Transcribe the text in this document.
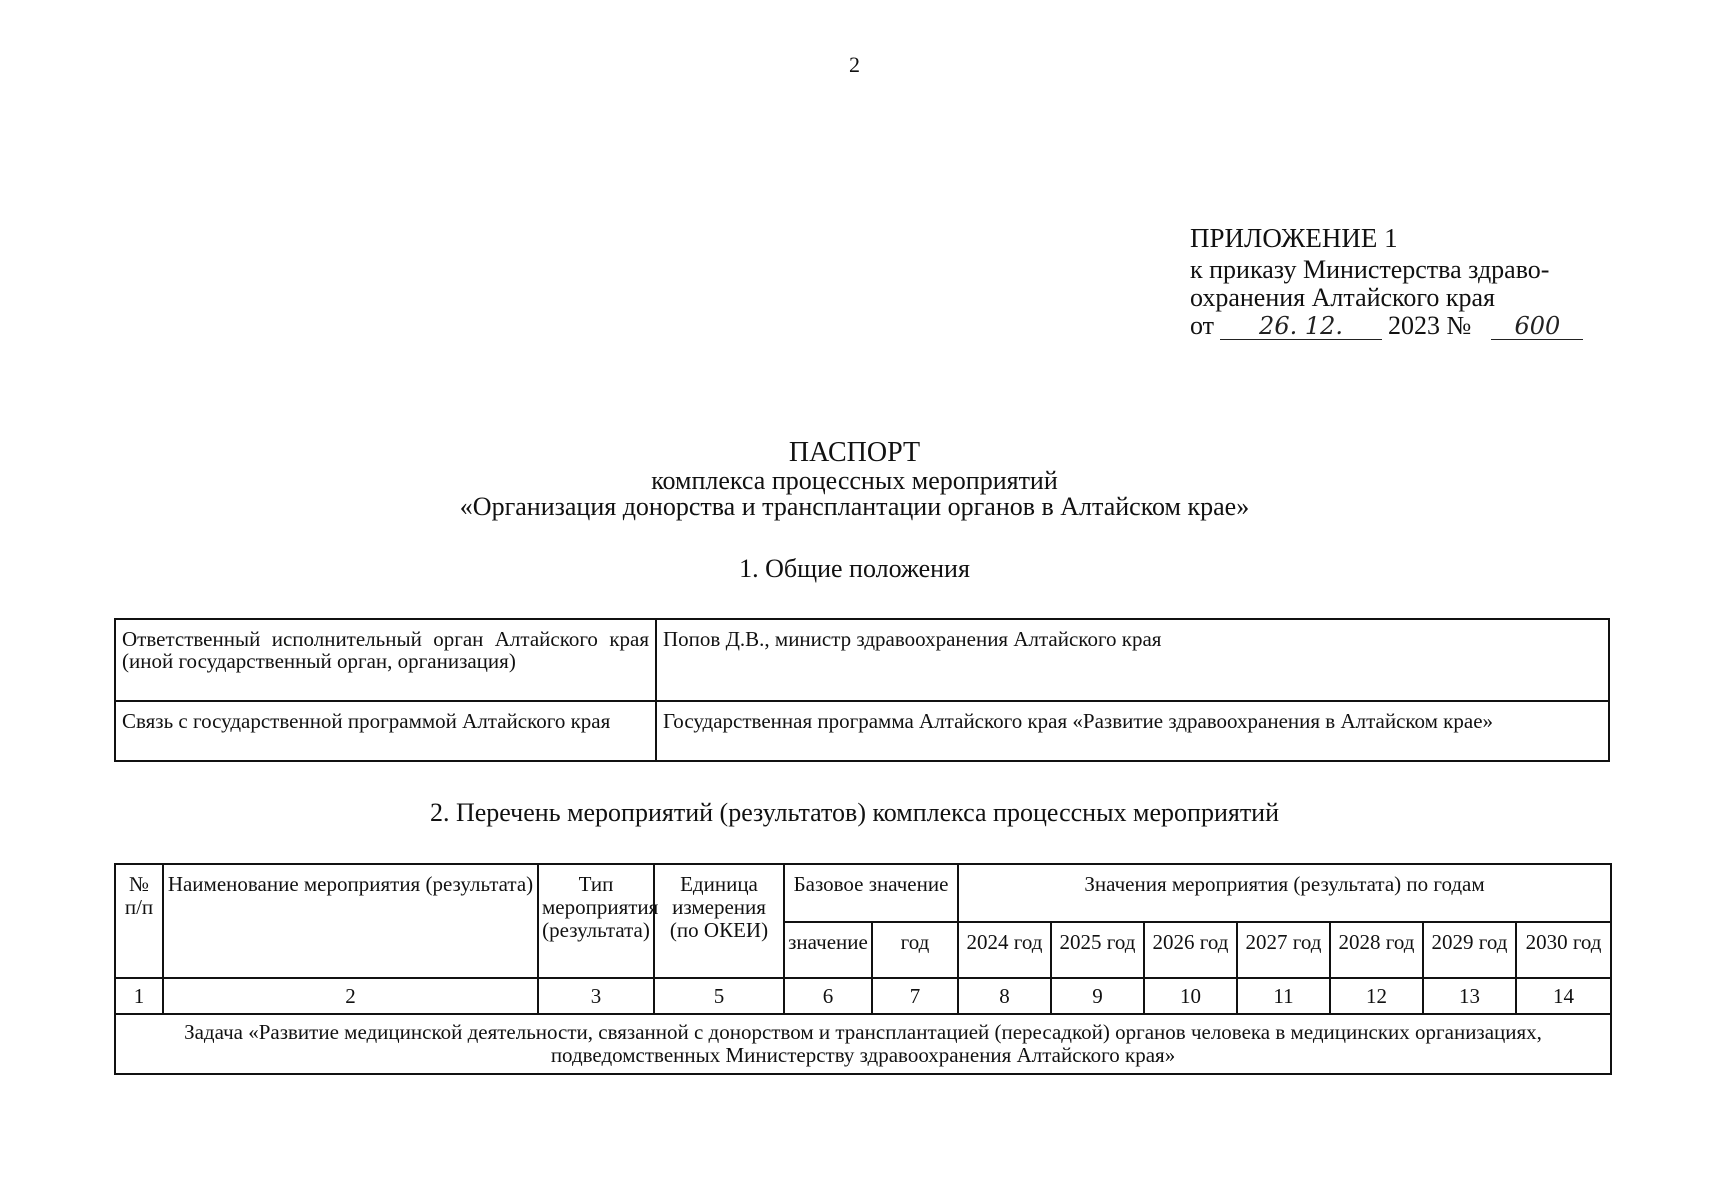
2
ПРИЛОЖЕНИЕ 1
к приказу Министерства здраво-
охранения Алтайского края
от	26. 12.	2023 №	600
ПАСПОРТ
комплекса процессных мероприятий
«Организация донорства и трансплантации органов в Алтайском крае»
1. Общие положения
Ответственный исполнительный орган Алтайского края (иной государственный орган, организация)	Попов Д.В., министр здравоохранения Алтайского края
Связь с государственной программой Алтайского края	Государственная программа Алтайского края «Развитие здравоохранения в Алтайском крае»
2. Перечень мероприятий (результатов) комплекса процессных мероприятий
№ п/п	Наименование мероприятия (результата)	Тип мероприятия (результата)	Единица измерения (по ОКЕИ)	Базовое значение		Значения мероприятия (результата) по годам						
				значение	год	2024 год	2025 год	2026 год	2027 год	2028 год	2029 год	2030 год
1	2	3	5	6	7	8	9	10	11	12	13	14
Задача «Развитие медицинской деятельности, связанной с донорством и трансплантацией (пересадкой) органов человека в медицинских организациях, подведомственных Министерству здравоохранения Алтайского края»												
